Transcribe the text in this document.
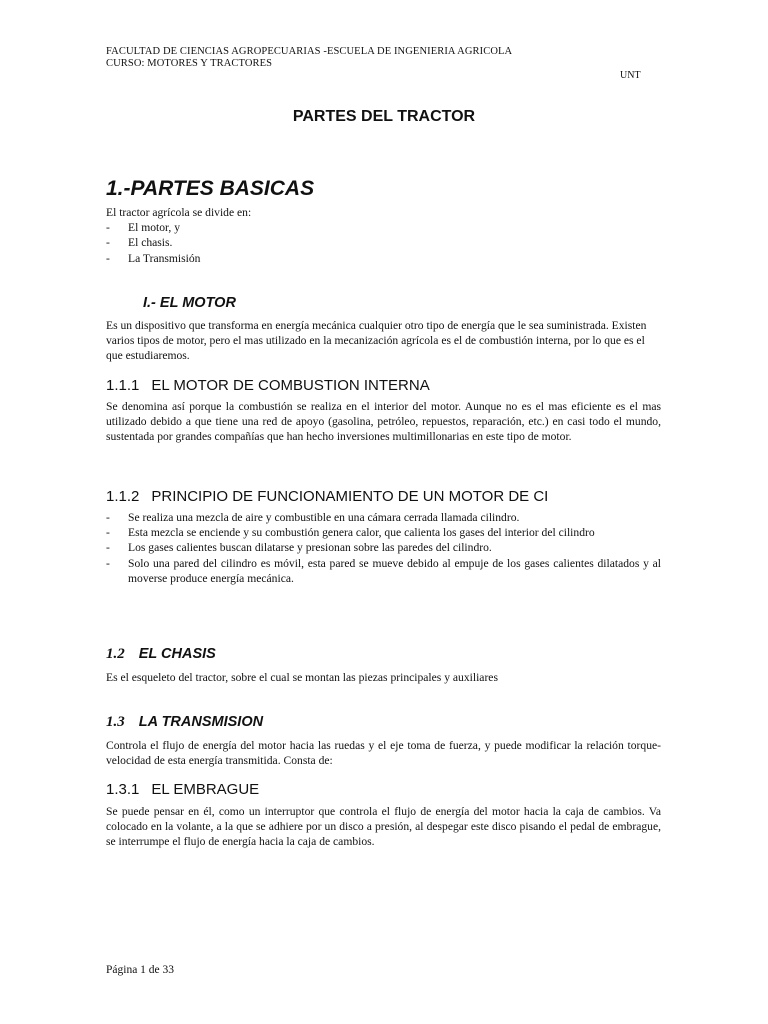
FACULTAD DE CIENCIAS AGROPECUARIAS -ESCUELA DE INGENIERIA AGRICOLA
CURSO: MOTORES Y TRACTORES
UNT
PARTES DEL TRACTOR
1.-PARTES BASICAS
El tractor agrícola se divide en:
- El motor, y
- El chasis.
- La Transmisión
I.- EL MOTOR
Es un dispositivo que transforma en energía mecánica cualquier otro tipo de energía que le sea suministrada. Existen varios tipos de motor, pero el mas utilizado en la mecanización agrícola es el de combustión interna, por lo que es el que estudiaremos.
1.1.1 EL MOTOR DE COMBUSTION INTERNA
Se denomina así porque la combustión se realiza en el interior del motor. Aunque no es el mas eficiente es el mas utilizado debido a que tiene una red de apoyo (gasolina, petróleo, repuestos, reparación, etc.) en casi todo el mundo, sustentada por grandes compañías que han hecho inversiones multimillonarias en este tipo de motor.
1.1.2 PRINCIPIO DE FUNCIONAMIENTO DE UN MOTOR DE CI
- Se realiza una mezcla de aire y combustible en una cámara cerrada llamada cilindro.
- Esta mezcla se enciende y su combustión genera calor, que calienta los gases del interior del cilindro
- Los gases calientes buscan dilatarse y presionan sobre las paredes del cilindro.
- Solo una pared del cilindro es móvil, esta pared se mueve debido al empuje de los gases calientes dilatados y al moverse produce energía mecánica.
1.2 EL CHASIS
Es el esqueleto del tractor, sobre el cual se montan las piezas principales y auxiliares
1.3 LA TRANSMISION
Controla el flujo de energía del motor hacia las ruedas y el eje toma de fuerza, y puede modificar la relación torque-velocidad de esta energía transmitida. Consta de:
1.3.1 EL EMBRAGUE
Se puede pensar en él, como un interruptor que controla el flujo de energía del motor hacia la caja de cambios. Va colocado en la volante, a la que se adhiere por un disco a presión, al despegar este disco pisando el pedal de embrague, se interrumpe el flujo de energía hacia la caja de cambios.
Página 1 de 33
